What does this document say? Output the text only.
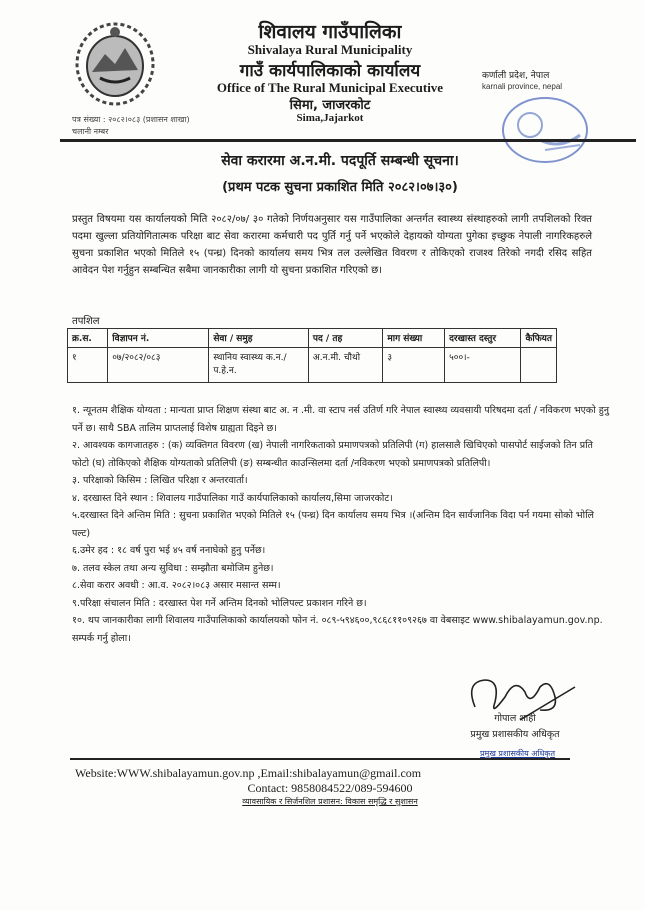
शिवालय गाउँपालिका
Shivalaya Rural Municipality
गाउँ कार्यपालिकाको कार्यालय
Office of The Rural Municipal Executive
सिमा, जाजरकोट
Sima,Jajarkot
कर्णाली प्रदेश, नेपाल
karnali province, nepal
पत्र संख्या : २०८२।०८३ (प्रशासन शाखा)
चलानी नम्बर
सेवा करारमा अ.न.मी. पदपूर्ति सम्बन्धी सूचना।
(प्रथम पटक सुचना प्रकाशित मिति २०८२।०७।३०)
प्रस्तुत विषयमा यस कार्यालयको मिति २०८२/०७/ ३० गतेको निर्णयअनुसार यस गाउँपालिका अन्तर्गत स्वास्थ्य संस्थाहरुको लागी तपशिलको रिक्त पदमा खुल्ला प्रतियोगितात्मक परिक्षा बाट सेवा करारमा कर्मचारी पद पुर्ति गर्नु पर्ने भएकोले देहायको योग्यता पुगेका इच्छुक नेपाली नागरिकहरुले सुचना प्रकाशित भएको मितिले १५ (पन्ध्र) दिनको कार्यालय समय भित्र तल उल्लेखित विवरण र तोकिएको राजश्व तिरेको नगदी रसिद सहित आवेदन पेश गर्नुहुन सम्बन्धित सबैमा जानकारीका लागी यो सुचना प्रकाशित गरिएको छ।
तपशिल
क्र.स.	विज्ञापन नं.	सेवा / समुह	पद / तह	माग संख्या	दरखास्त दस्तुर	कैफियत
१	०७/२०८२/०८३	स्थानिय स्वास्थ्य क.न./ प.हे.न.	अ.न.मी. चौथो	३	५००।-	
१. न्यूनतम शैक्षिक योग्यता : मान्यता प्राप्त शिक्षण संस्था बाट अ. न .मी. वा स्टाप नर्स उतिर्ण गरि नेपाल स्वास्थ्य व्यवसायी परिषदमा दर्ता / नविकरण भएको हुनु पर्ने छ। साथै SBA तालिम प्राप्तलाई विशेष ग्राह्यता दिइने छ।
२. आवश्यक कागजातहरु : (क) व्यक्तिगत विवरण (ख) नेपाली नागरिकताको प्रमाणपत्रको प्रतिलिपी (ग) हालसालै खिचिएको पासपोर्ट साईजको तिन प्रति फोटो (घ) तोकिएको शैक्षिक योग्यताको प्रतिलिपी (ङ) सम्बन्धीत काउन्सिलमा दर्ता /नविकरण भएको प्रमाणपत्रको प्रतिलिपी।
३. परिक्षाको किसिम : लिखित परिक्षा र अन्तरवार्ता।
४. दरखास्त दिने स्थान : शिवालय गाउँपालिका गाउँ कार्यपालिकाको कार्यालय,सिमा जाजरकोट।
५.दरखास्त दिने अन्तिम मिति : सुचना प्रकाशित भएको मितिले १५ (पन्ध्र) दिन कार्यालय समय भित्र ।(अन्तिम दिन सार्वजानिक विदा पर्न गयमा सोको भोलि पल्ट)
६.उमेर हद : १८ वर्ष पुरा भई ४५ वर्ष ननाघेको हुनु पर्नेछ।
७. तलव स्केल तथा अन्य सुविधा : सम्झौता बमोजिम हुनेछ।
८.सेवा करार अवधी : आ.व. २०८२।०८३ असार मसान्त सम्म।
९.परिक्षा संचालन मिति : दरखास्त पेश गर्ने अन्तिम दिनको भोलिपल्ट प्रकाशन गरिने छ।
१०. थप जानकारीका लागी शिवालय गाउँपालिकाको कार्यालयको फोन नं. ०८९-५९४६००,९८६८११०९२६७ वा वेबसाइट www.shibalayamun.gov.np. सम्पर्क गर्नु होला।
गोपाल शाही
प्रमुख प्रशासकीय अधिकृत
प्रमुख प्रशासकीय अधिकृत
Website:WWW.shibalayamun.gov.np ,Email:shibalayamun@gmail.com
Contact: 9858084522/089-594600
व्यावसायिक र सिर्जनशिल प्रशासन: विकास समृद्धि र सुशासन
